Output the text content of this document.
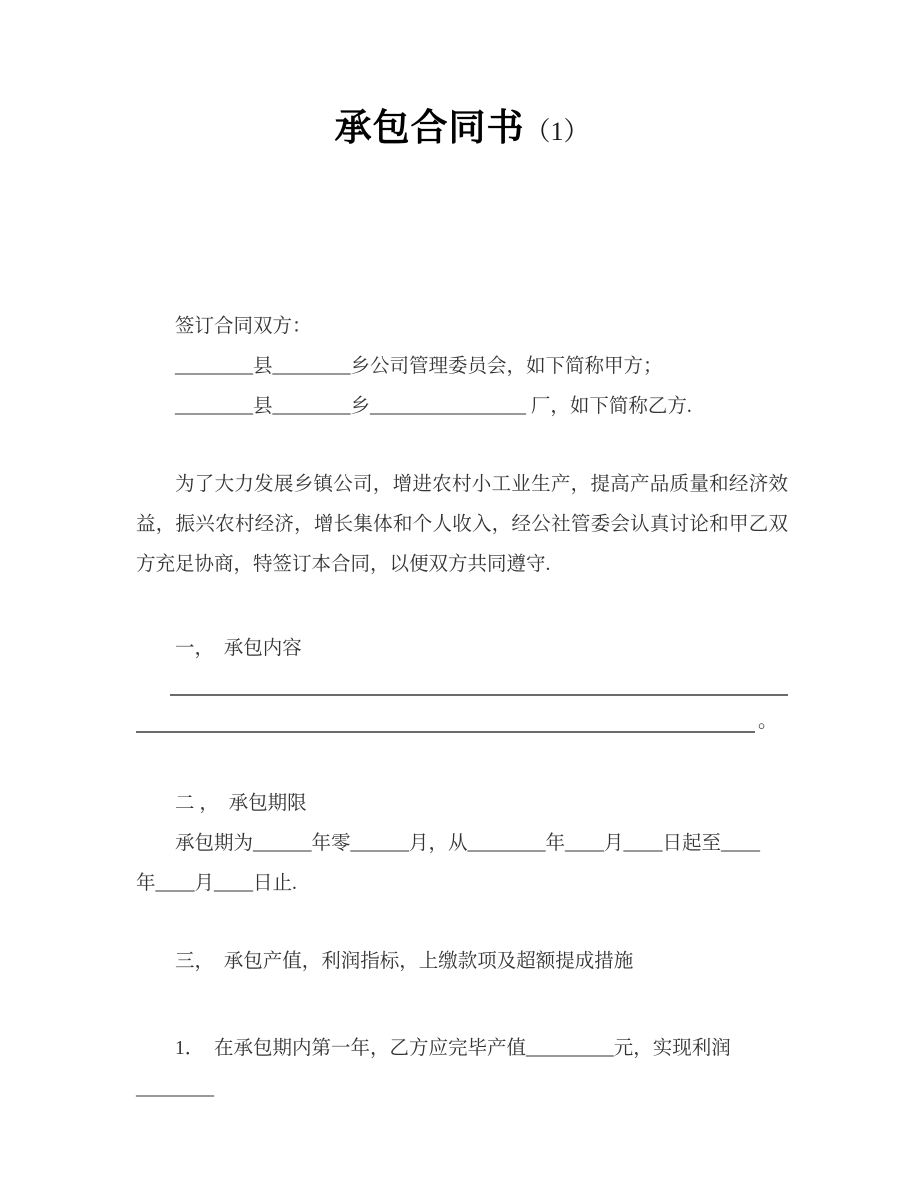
承包合同书（1）
签订合同双方：
________县________乡公司管理委员会，如下简称甲方；
________县________乡________________ 厂，如下简称乙方.
为了大力发展乡镇公司，增进农村小工业生产，提高产品质量和经济效益，振兴农村经济，增长集体和个人收入，经公社管委会认真讨论和甲乙双方充足协商，特签订本合同，以便双方共同遵守.
一，　承包内容
。
二 ，　承包期限
承包期为______年零______月，从________年____月____日起至____
年____月____日止.
三，　承包产值，利润指标，上缴款项及超额提成措施
1．　在承包期内第一年，乙方应完毕产值_________元，实现利润________
